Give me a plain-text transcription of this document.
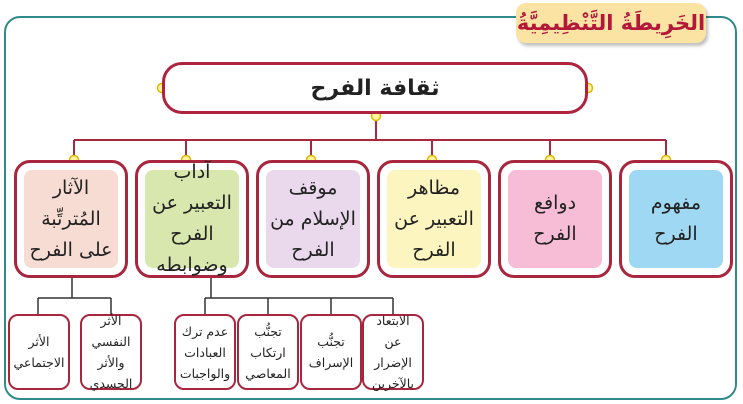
الخَرِيطَةُ التَّنْظِيمِيَّةُ
ثقافة الفرح
مفهوم الفرح
دوافع الفرح
مظاهر التعبير عن الفرح
موقف الإسلام من الفرح
آداب التعبير عن الفرح وضوابطه
الآثار المُترتِّبة على الفرح
الابتعاد عن الإضرار بالآخرين
تجنُّب الإسراف
تجنُّب ارتكاب المعاصي
عدم ترك العبادات والواجبات
الأثر النفسي والأثر الجسدي
الأثر الاجتماعي
